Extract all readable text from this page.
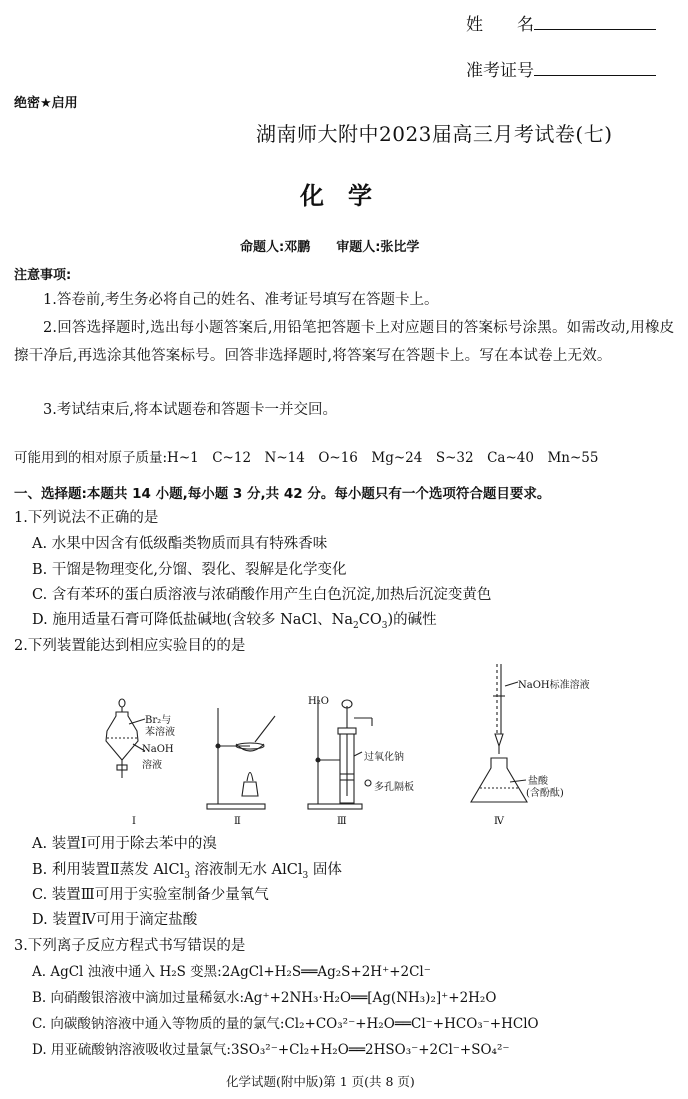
姓　　名
准考证号
绝密★启用
湖南师大附中2023届高三月考试卷(七)
化　学
命题人:邓鹏　　审题人:张比学
注意事项:
1.答卷前,考生务必将自己的姓名、准考证号填写在答题卡上。
2.回答选择题时,选出每小题答案后,用铅笔把答题卡上对应题目的答案标号涂黑。如需改动,用橡皮擦干净后,再选涂其他答案标号。回答非选择题时,将答案写在答题卡上。写在本试卷上无效。
3.考试结束后,将本试题卷和答题卡一并交回。
可能用到的相对原子质量:H~1　C~12　N~14　O~16　Mg~24　S~32　Ca~40　Mn~55
一、选择题:本题共 14 小题,每小题 3 分,共 42 分。每小题只有一个选项符合题目要求。
1.下列说法不正确的是
A. 水果中因含有低级酯类物质而具有特殊香味
B. 干馏是物理变化,分馏、裂化、裂解是化学变化
C. 含有苯环的蛋白质溶液与浓硝酸作用产生白色沉淀,加热后沉淀变黄色
D. 施用适量石膏可降低盐碱地(含较多 NaCl、$Na_2CO_3$)的碱性
2.下列装置能达到相应实验目的的是
Br₂与
苯溶液
NaOH
溶液
H₂O
过氧化钠
多孔隔板
NaOH标准溶液
盐酸
(含酚酞)
Ⅰ	Ⅱ	Ⅲ	Ⅳ
A. 装置Ⅰ可用于除去苯中的溴
B. 利用装置Ⅱ蒸发 AlCl$_3$ 溶液制无水 AlCl$_3$ 固体
C. 装置Ⅲ可用于实验室制备少量氧气
D. 装置Ⅳ可用于滴定盐酸
3.下列离子反应方程式书写错误的是
A. AgCl 浊液中通入 H₂S 变黑:2AgCl+H₂S══Ag₂S+2H⁺+2Cl⁻
B. 向硝酸银溶液中滴加过量稀氨水:Ag⁺+2NH₃·H₂O══[Ag(NH₃)₂]⁺+2H₂O
C. 向碳酸钠溶液中通入等物质的量的氯气:Cl₂+CO₃²⁻+H₂O══Cl⁻+HCO₃⁻+HClO
D. 用亚硫酸钠溶液吸收过量氯气:3SO₃²⁻+Cl₂+H₂O══2HSO₃⁻+2Cl⁻+SO₄²⁻
化学试题(附中版)第 1 页(共 8 页)
